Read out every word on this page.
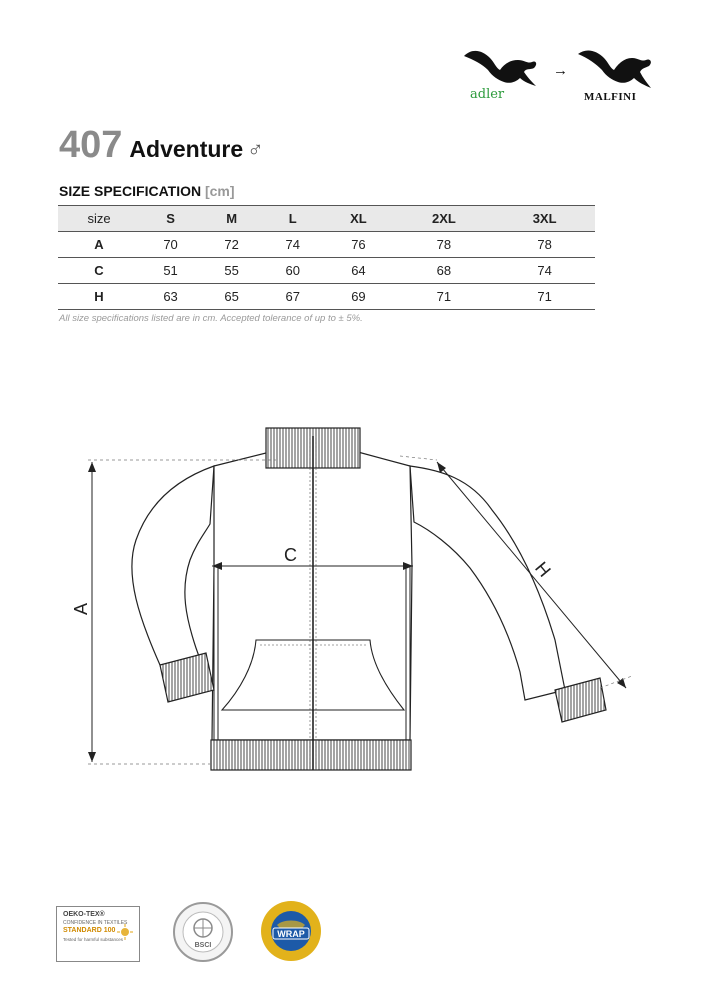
adler
→
MALFINI
407 Adventure ♂
SIZE SPECIFICATION [cm]
size	S	M	L	XL	2XL	3XL
A	70	72	74	76	78	78
C	51	55	60	64	68	74
H	63	65	67	69	71	71
All size specifications listed are in cm. Accepted tolerance of up to ± 5%.
A
C
H
OEKO-TEX®
CONFIDENCE IN TEXTILES
STANDARD 100
Tested for harmful substances
BSCI
WRAP
